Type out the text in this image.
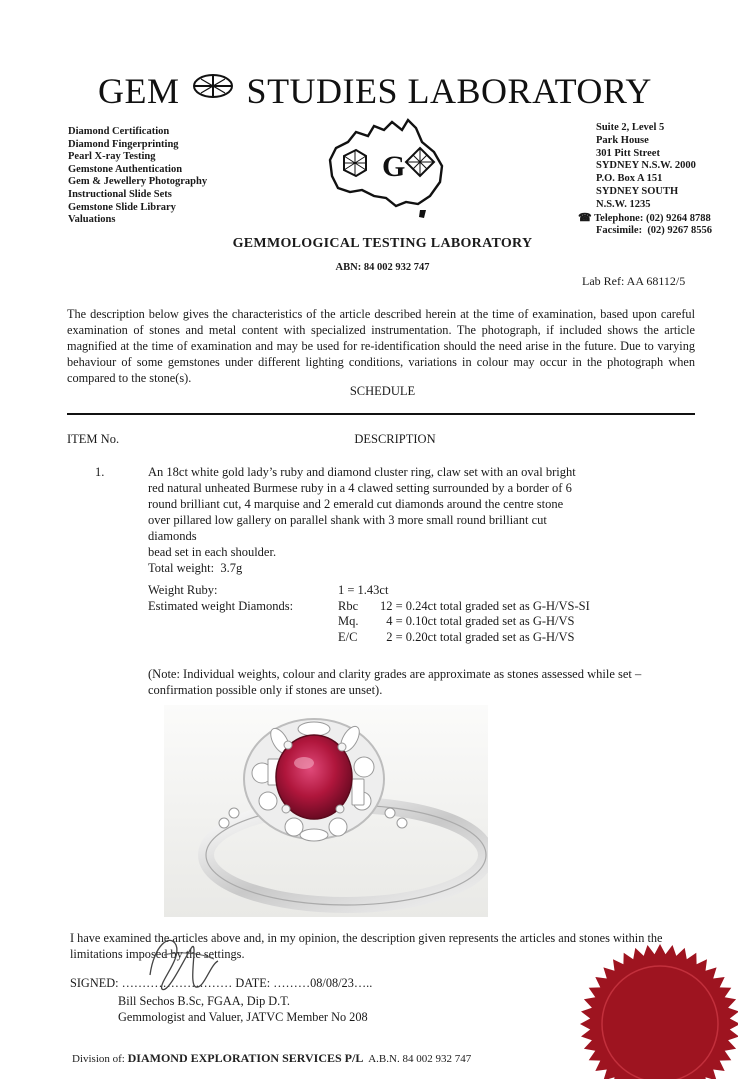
GEM STUDIES LABORATORY
Diamond Certification
Diamond Fingerprinting
Pearl X-ray Testing
Gemstone Authentication
Gem & Jewellery Photography
Instructional Slide Sets
Gemstone Slide Library
Valuations
G
Suite 2, Level 5
Park House
301 Pitt Street
SYDNEY N.S.W. 2000
P.O. Box A 151
SYDNEY SOUTH
N.S.W. 1235
☎ Telephone: (02) 9264 8788
Facsimile:  (02) 9267 8556
GEMMOLOGICAL TESTING LABORATORY
ABN: 84 002 932 747
Lab Ref: AA 68112/5
The description below gives the characteristics of the article described herein at the time of examination, based upon careful examination of stones and metal content with specialized instrumentation. The photograph, if included shows the article magnified at the time of examination and may be used for re-identification should the need arise in the future. Due to varying behaviour of some gemstones under different lighting conditions, variations in colour may occur in the photograph when compared to the stone(s).
SCHEDULE
ITEM No.	DESCRIPTION
1.	An 18ct white gold lady’s ruby and diamond cluster ring, claw set with an oval bright
red natural unheated Burmese ruby in a 4 clawed setting surrounded by a border of 6
round brilliant cut, 4 marquise and 2 emerald cut diamonds around the centre stone
over pillared low gallery on parallel shank with 3 more small round brilliant cut
diamonds
bead set in each shoulder.
Total weight:  3.7g
Weight Ruby:	1 = 1.43ct
Estimated weight Diamonds:	Rbc 12 = 0.24ct total graded set as G-H/VS-SI
Mq. 4 = 0.10ct total graded set as G-H/VS
E/C 2 = 0.20ct total graded set as G-H/VS
(Note: Individual weights, colour and clarity grades are approximate as stones assessed while set – confirmation possible only if stones are unset).
I have examined the articles above and, in my opinion, the description given represents the articles and stones within the limitations imposed by the settings.
SIGNED: ……………………… DATE: ………08/08/23…..
Bill Sechos B.Sc, FGAA, Dip D.T.
Gemmologist and Valuer, JATVC Member No 208
Division of: DIAMOND EXPLORATION SERVICES P/L  A.B.N. 84 002 932 747
